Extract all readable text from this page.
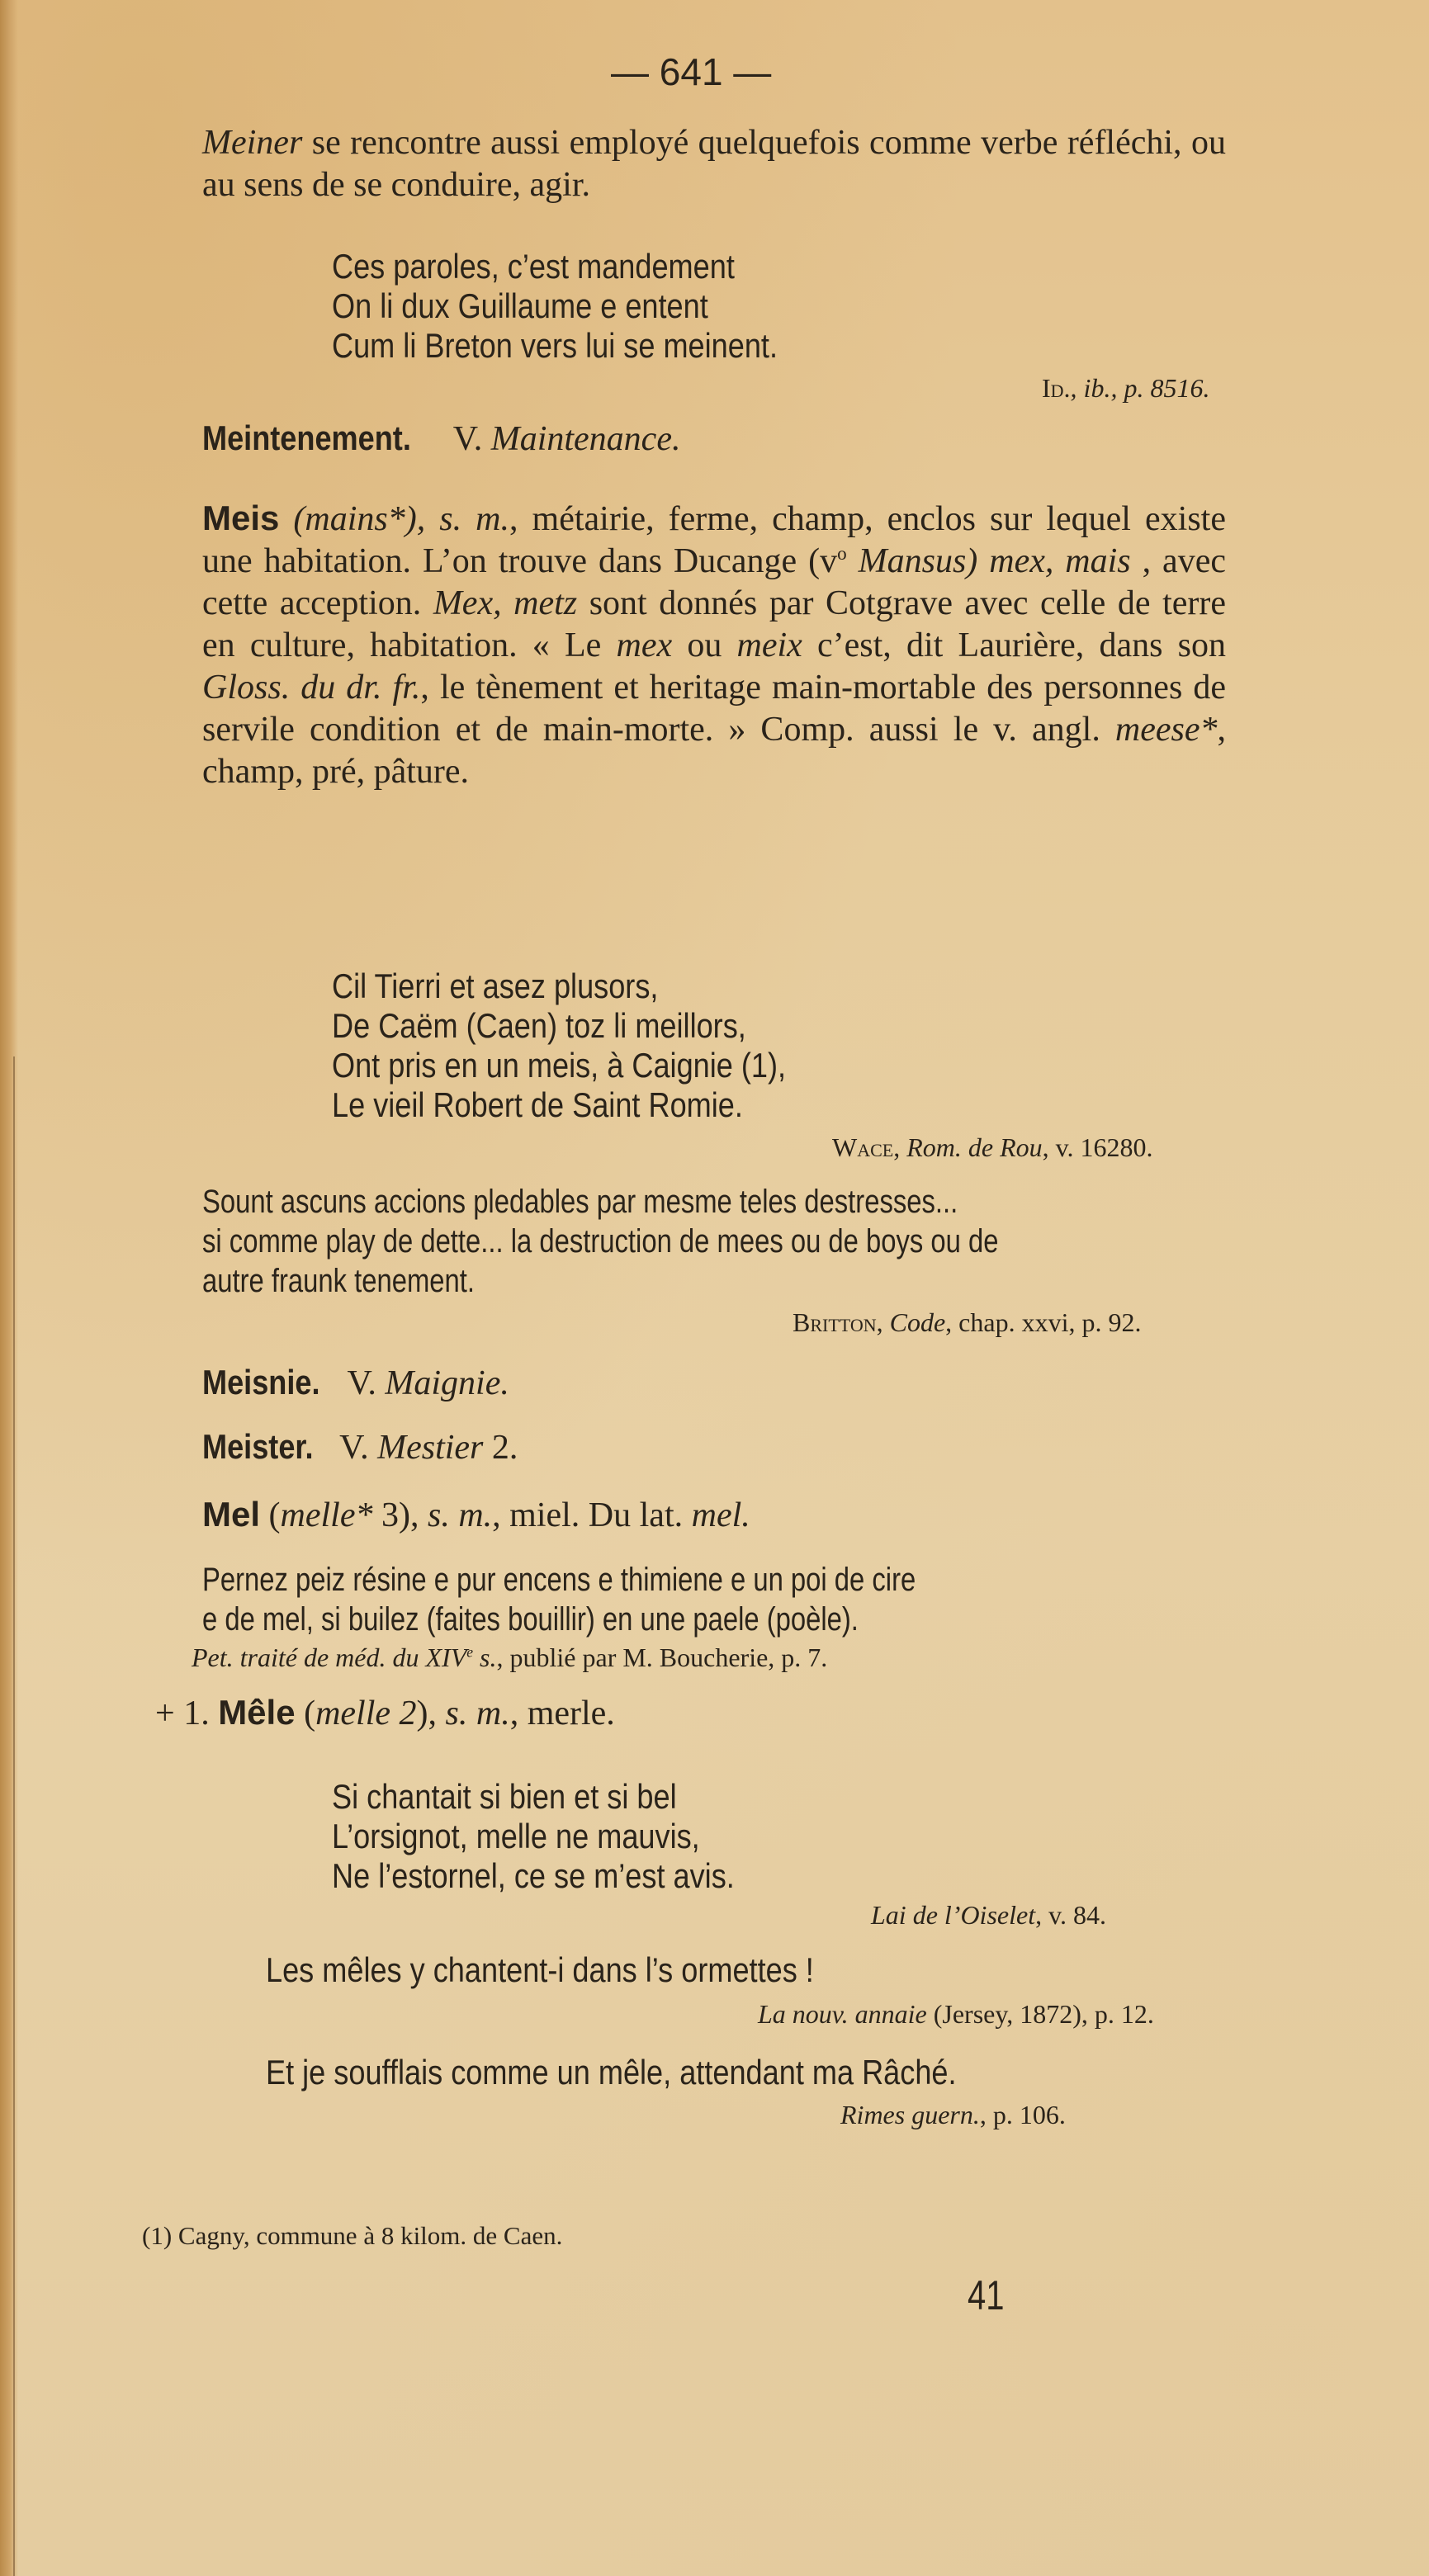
— 641 —
Meiner se rencontre aussi employé quelquefois comme verbe réfléchi, ou au sens de se conduire, agir.
Ces paroles, c’est mandement
On li dux Guillaume e entent
Cum li Breton vers lui se meinent.
Id., ib., p. 8516.
Meintenement. V. Maintenance.
Meis (mains*), s. m., métairie, ferme, champ, enclos sur lequel existe une habitation. L’on trouve dans Ducange ($v^o$ Mansus) mex, mais , avec cette acception. Mex, metz sont donnés par Cotgrave avec celle de terre en culture, habitation. « Le mex ou meix c’est, dit Laurière, dans son Gloss. du dr. fr., le tènement et heritage main-mortable des personnes de servile condition et de main-morte. » Comp. aussi le v. angl. meese*, champ, pré, pâture.
Cil Tierri et asez plusors,
De Caëm (Caen) toz li meillors,
Ont pris en un meis, à Caignie (1),
Le vieil Robert de Saint Romie.
Wace, Rom. de Rou, v. 16280.
Sount ascuns accions pledables par mesme teles destresses...
si comme play de dette... la destruction de mees ou de boys ou de
autre fraunk tenement.
Britton, Code, chap. xxvi, p. 92.
Meisnie. V. Maignie.
Meister. V. Mestier 2.
Mel (melle* 3), s. m., miel. Du lat. mel.
Pernez peiz résine e pur encens e thimiene e un poi de cire
e de mel, si builez (faites bouillir) en une paele (poèle).
Pet. traité de méd. du XIVe s., publié par M. Boucherie, p. 7.
+ 1. Mêle (melle 2), s. m., merle.
Si chantait si bien et si bel
L’orsignot, melle ne mauvis,
Ne l’estornel, ce se m’est avis.
Lai de l’Oiselet, v. 84.
Les mêles y chantent-i dans l’s ormettes !
La nouv. annaie (Jersey, 1872), p. 12.
Et je soufflais comme un mêle, attendant ma Râché.
Rimes guern., p. 106.
(1) Cagny, commune à 8 kilom. de Caen.
41
